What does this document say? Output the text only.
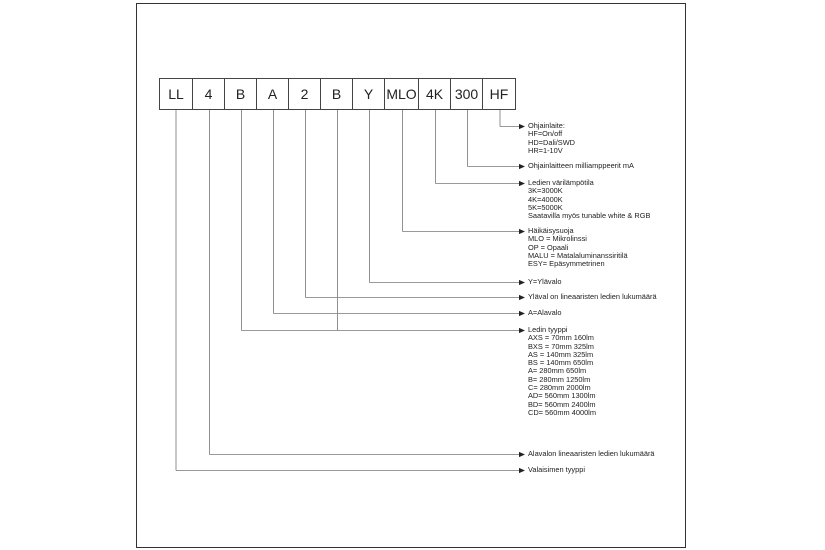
LL	4	B	A	2	B	Y MLO 4K 300 HF
Ohjainlaite:
HF=On/off
HD=Dali/SWD
HR=1-10V
Ohjainlaitteen milliamppeerit mA
Ledien värilämpötila
3K=3000K
4K=4000K
5K=5000K
Saatavilla myös tunable white & RGB
Häikäisysuoja
MLO = Mikrolinssi
OP = Opaali
MALU = Matalaluminanssiritilä
ESY= Epäsymmetrinen
Y=Ylävalo
Yläval on lineaaristen ledien lukumäärä
A=Alavalo
Ledin tyyppi
AXS = 70mm 160lm
BXS = 70mm 325lm
AS = 140mm 325lm
BS = 140mm 650lm
A= 280mm 650lm
B= 280mm 1250lm
C= 280mm 2000lm
AD= 560mm 1300lm
BD= 560mm 2400lm
CD= 560mm 4000lm
Alavalon lineaaristen ledien lukumäärä
Valaisimen tyyppi
